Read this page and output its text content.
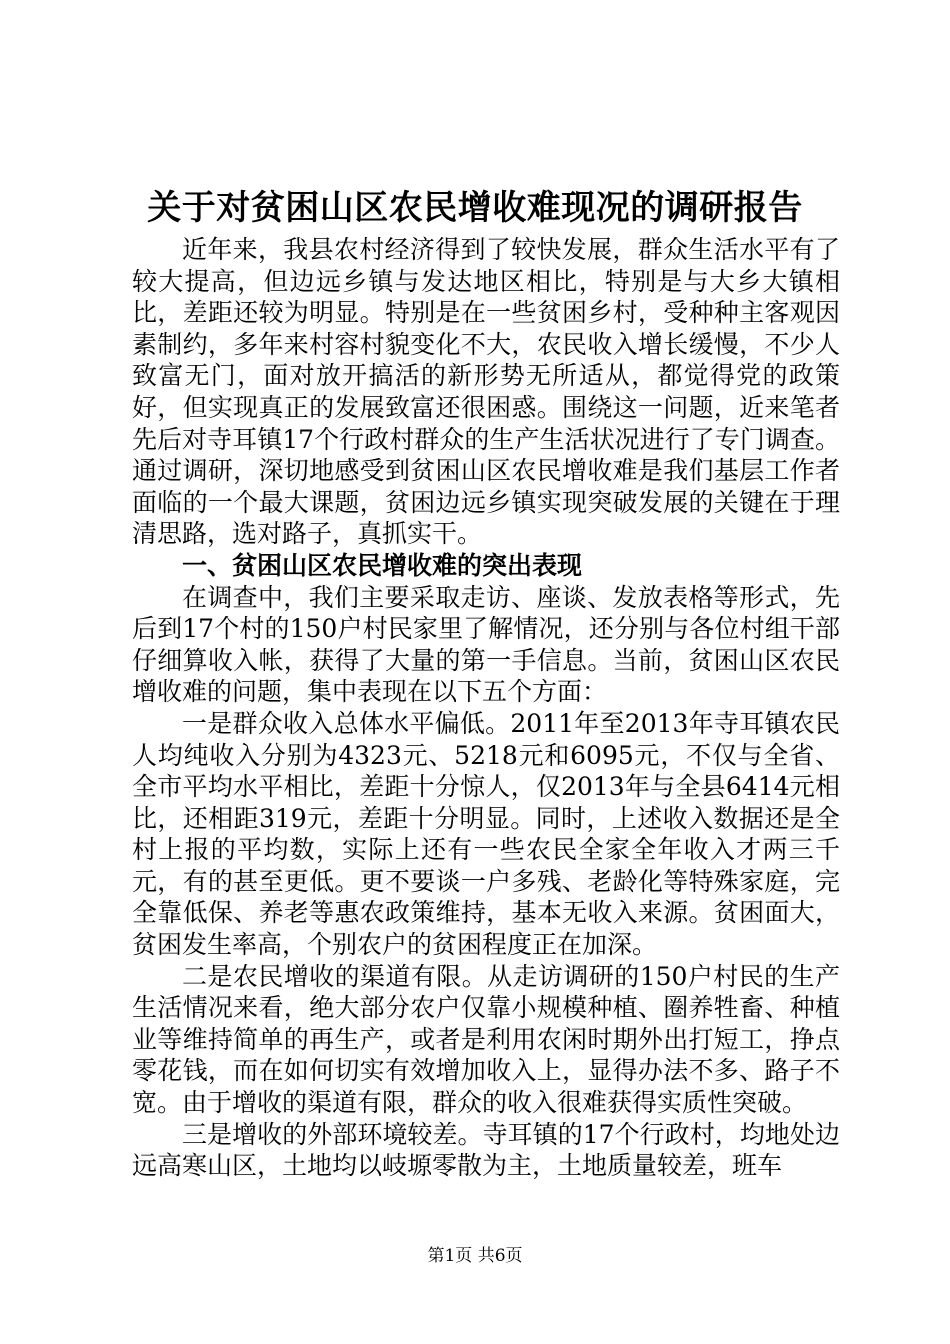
关于对贫困山区农民增收难现况的调研报告

近年来，我县农村经济得到了较快发展，群众生活水平有了较大提高，但边远乡镇与发达地区相比，特别是与大乡大镇相比，差距还较为明显。特别是在一些贫困乡村，受种种主客观因素制约，多年来村容村貌变化不大，农民收入增长缓慢，不少人致富无门，面对放开搞活的新形势无所适从，都觉得党的政策好，但实现真正的发展致富还很困惑。围绕这一问题，近来笔者先后对寺耳镇17个行政村群众的生产生活状况进行了专门调查。通过调研，深切地感受到贫困山区农民增收难是我们基层工作者面临的一个最大课题，贫困边远乡镇实现突破发展的关键在于理清思路，选对路子，真抓实干。

一、贫困山区农民增收难的突出表现

在调查中，我们主要采取走访、座谈、发放表格等形式，先后到17个村的150户村民家里了解情况，还分别与各位村组干部仔细算收入帐，获得了大量的第一手信息。当前，贫困山区农民增收难的问题，集中表现在以下五个方面：

一是群众收入总体水平偏低。2011年至2013年寺耳镇农民人均纯收入分别为4323元、5218元和6095元，不仅与全省、全市平均水平相比，差距十分惊人，仅2013年与全县6414元相比，还相距319元，差距十分明显。同时，上述收入数据还是全村上报的平均数，实际上还有一些农民全家全年收入才两三千元，有的甚至更低。更不要谈一户多残、老龄化等特殊家庭，完全靠低保、养老等惠农政策维持，基本无收入来源。贫困面大，贫困发生率高，个别农户的贫困程度正在加深。

二是农民增收的渠道有限。从走访调研的150户村民的生产生活情况来看，绝大部分农户仅靠小规模种植、圈养牲畜、种植业等维持简单的再生产，或者是利用农闲时期外出打短工，挣点零花钱，而在如何切实有效增加收入上，显得办法不多、路子不宽。由于增收的渠道有限，群众的收入很难获得实质性突破。

三是增收的外部环境较差。寺耳镇的17个行政村，均地处边远高寒山区，土地均以岐塬零散为主，土地质量较差，班车

第1页 共6页
